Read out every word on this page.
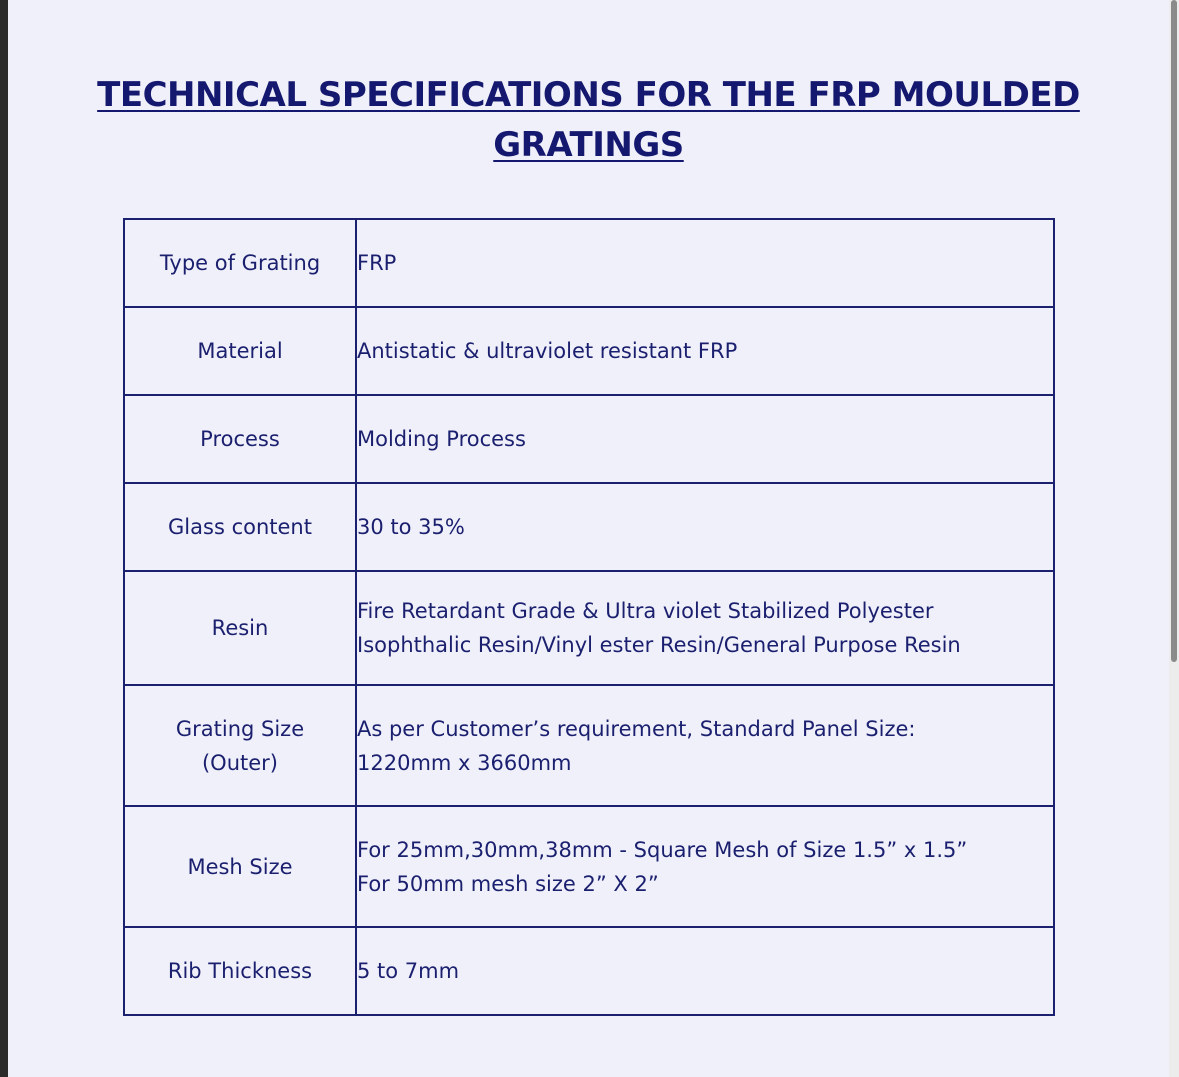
TECHNICAL SPECIFICATIONS FOR THE FRP MOULDED
GRATINGS
Type of Grating	FRP
Material	Antistatic & ultraviolet resistant FRP
Process	Molding Process
Glass content	30 to 35%
Resin	Fire Retardant Grade & Ultra violet Stabilized Polyester
Isophthalic Resin/Vinyl ester Resin/General Purpose Resin
Grating Size
(Outer)	As per Customer’s requirement, Standard Panel Size:
1220mm x 3660mm
Mesh Size	For 25mm,30mm,38mm - Square Mesh of Size 1.5” x 1.5”
For 50mm mesh size 2” X 2”
Rib Thickness	5 to 7mm
